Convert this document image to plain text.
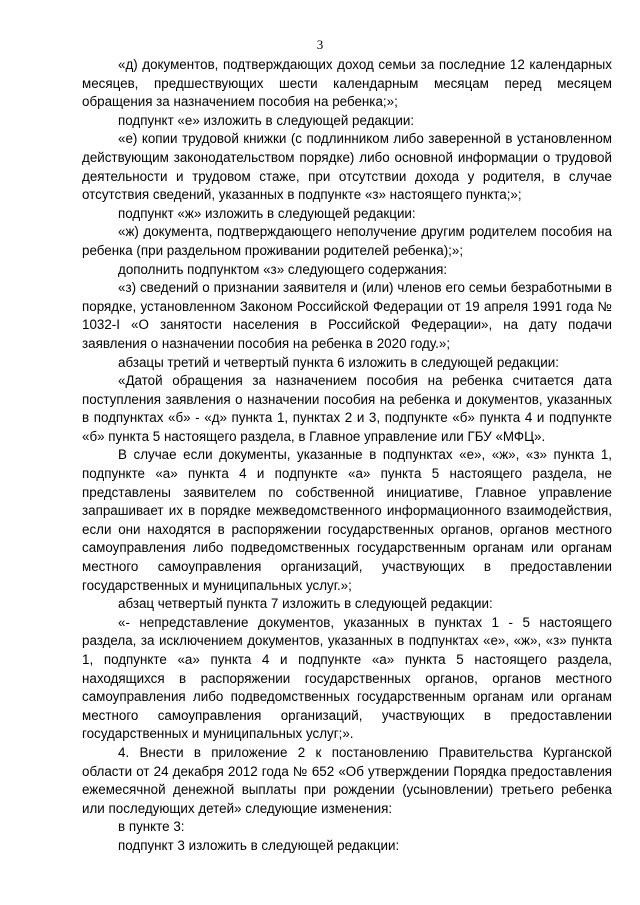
3

«д) документов, подтверждающих доход семьи за последние 12 календарных месяцев, предшествующих шести календарным месяцам перед месяцем обращения за назначением пособия на ребенка;»;

подпункт «е» изложить в следующей редакции:

«е) копии трудовой книжки (с подлинником либо заверенной в установленном действующим законодательством порядке) либо основной информации о трудовой деятельности и трудовом стаже, при отсутствии дохода у родителя, в случае отсутствия сведений, указанных в подпункте «з» настоящего пункта;»;

подпункт «ж» изложить в следующей редакции:

«ж) документа, подтверждающего неполучение другим родителем пособия на ребенка (при раздельном проживании родителей ребенка);»;

дополнить подпунктом «з» следующего содержания:

«з) сведений о признании заявителя и (или) членов его семьи безработными в порядке, установленном Законом Российской Федерации от 19 апреля 1991 года № 1032-I «О занятости населения в Российской Федерации», на дату подачи заявления о назначении пособия на ребенка в 2020 году.»;

абзацы третий и четвертый пункта 6 изложить в следующей редакции:

«Датой обращения за назначением пособия на ребенка считается дата поступления заявления о назначении пособия на ребенка и документов, указанных в подпунктах «б» - «д» пункта 1, пунктах 2 и 3, подпункте «б» пункта 4 и подпункте «б» пункта 5 настоящего раздела, в Главное управление или ГБУ «МФЦ».

В случае если документы, указанные в подпунктах «е», «ж», «з» пункта 1, подпункте «а» пункта 4 и подпункте «а» пункта 5 настоящего раздела, не представлены заявителем по собственной инициативе, Главное управление запрашивает их в порядке межведомственного информационного взаимодействия, если они находятся в распоряжении государственных органов, органов местного самоуправления либо подведомственных государственным органам или органам местного самоуправления организаций, участвующих в предоставлении государственных и муниципальных услуг.»;

абзац четвертый пункта 7 изложить в следующей редакции:

«- непредставление документов, указанных в пунктах 1 - 5 настоящего раздела, за исключением документов, указанных в подпунктах «е», «ж», «з» пункта 1, подпункте «а» пункта 4 и подпункте «а» пункта 5 настоящего раздела, находящихся в распоряжении государственных органов, органов местного самоуправления либо подведомственных государственным органам или органам местного самоуправления организаций, участвующих в предоставлении государственных и муниципальных услуг;».

4. Внести в приложение 2 к постановлению Правительства Курганской области от 24 декабря 2012 года № 652 «Об утверждении Порядка предоставления ежемесячной денежной выплаты при рождении (усыновлении) третьего ребенка или последующих детей» следующие изменения:

в пункте 3:

подпункт 3 изложить в следующей редакции:
